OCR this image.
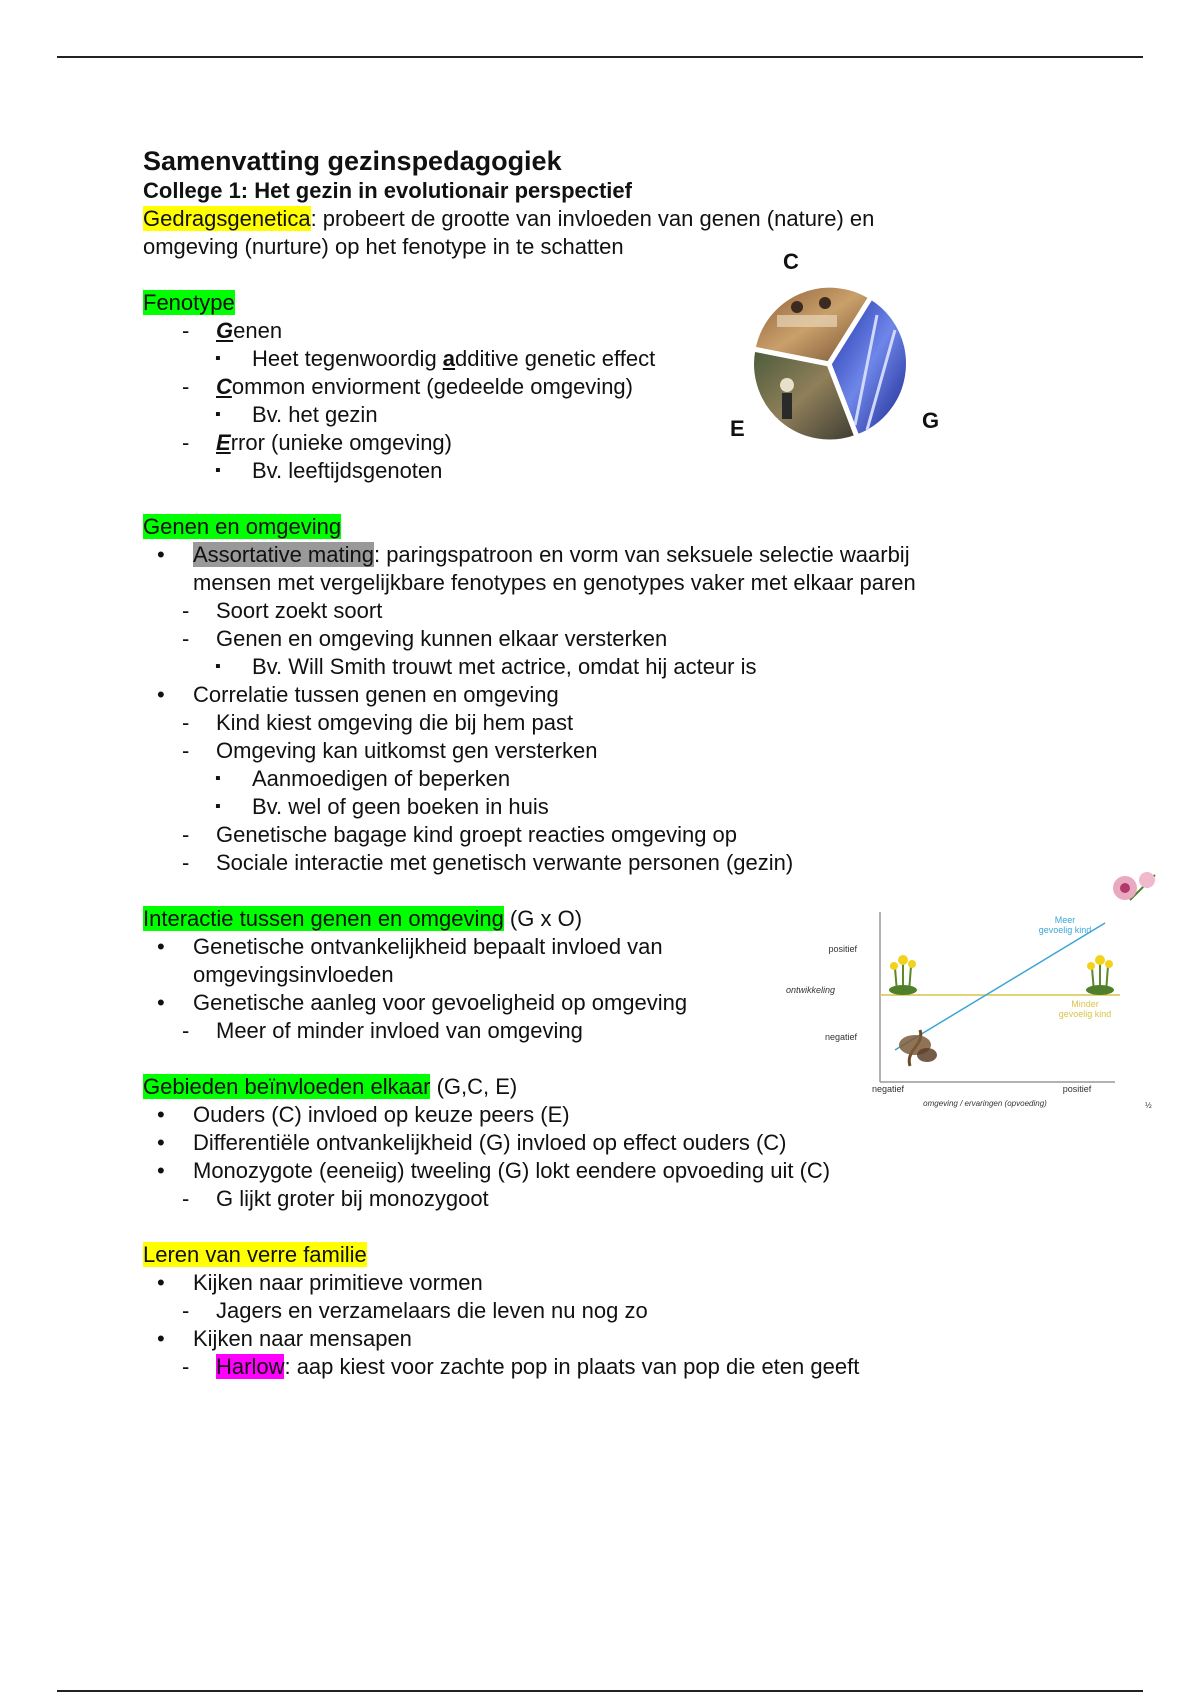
Samenvatting gezinspedagogiek
College 1: Het gezin in evolutionair perspectief

Gedragsgenetica: probeert de grootte van invloeden van genen (nature) en

omgeving (nurture) op het fenotype in te schatten

Fenotype

- Genen
▪ Heet tegenwoordig additive genetic effect
- Common enviorment (gedeelde omgeving)
▪ Bv. het gezin
- Error (unieke omgeving)
▪ Bv. leeftijdsgenoten

Genen en omgeving

• Assortative mating: paringspatroon en vorm van seksuele selectie waarbij
mensen met vergelijkbare fenotypes en genotypes vaker met elkaar paren
- Soort zoekt soort
- Genen en omgeving kunnen elkaar versterken
▪ Bv. Will Smith trouwt met actrice, omdat hij acteur is
• Correlatie tussen genen en omgeving
- Kind kiest omgeving die bij hem past
- Omgeving kan uitkomst gen versterken
▪ Aanmoedigen of beperken
▪ Bv. wel of geen boeken in huis
- Genetische bagage kind groept reacties omgeving op
- Sociale interactie met genetisch verwante personen (gezin)

Interactie tussen genen en omgeving (G x O)

• Genetische ontvankelijkheid bepaalt invloed van
omgevingsinvloeden
• Genetische aanleg voor gevoeligheid op omgeving
- Meer of minder invloed van omgeving

Gebieden beïnvloeden elkaar (G,C, E)

• Ouders (C) invloed op keuze peers (E)
• Differentiële ontvankelijkheid (G) invloed op effect ouders (C)
• Monozygote (eeneiig) tweeling (G) lokt eendere opvoeding uit (C)
- G lijkt groter bij monozygoot

Leren van verre familie

• Kijken naar primitieve vormen
- Jagers en verzamelaars die leven nu nog zo
• Kijken naar mensapen
- Harlow: aap kiest voor zachte pop in plaats van pop die eten geeft
C
E	G
positief
ontwikkeling
negatief
negatief	positief
omgeving / ervaringen (opvoeding)	½
Meer
gevoelig kind
Minder
gevoelig kind
